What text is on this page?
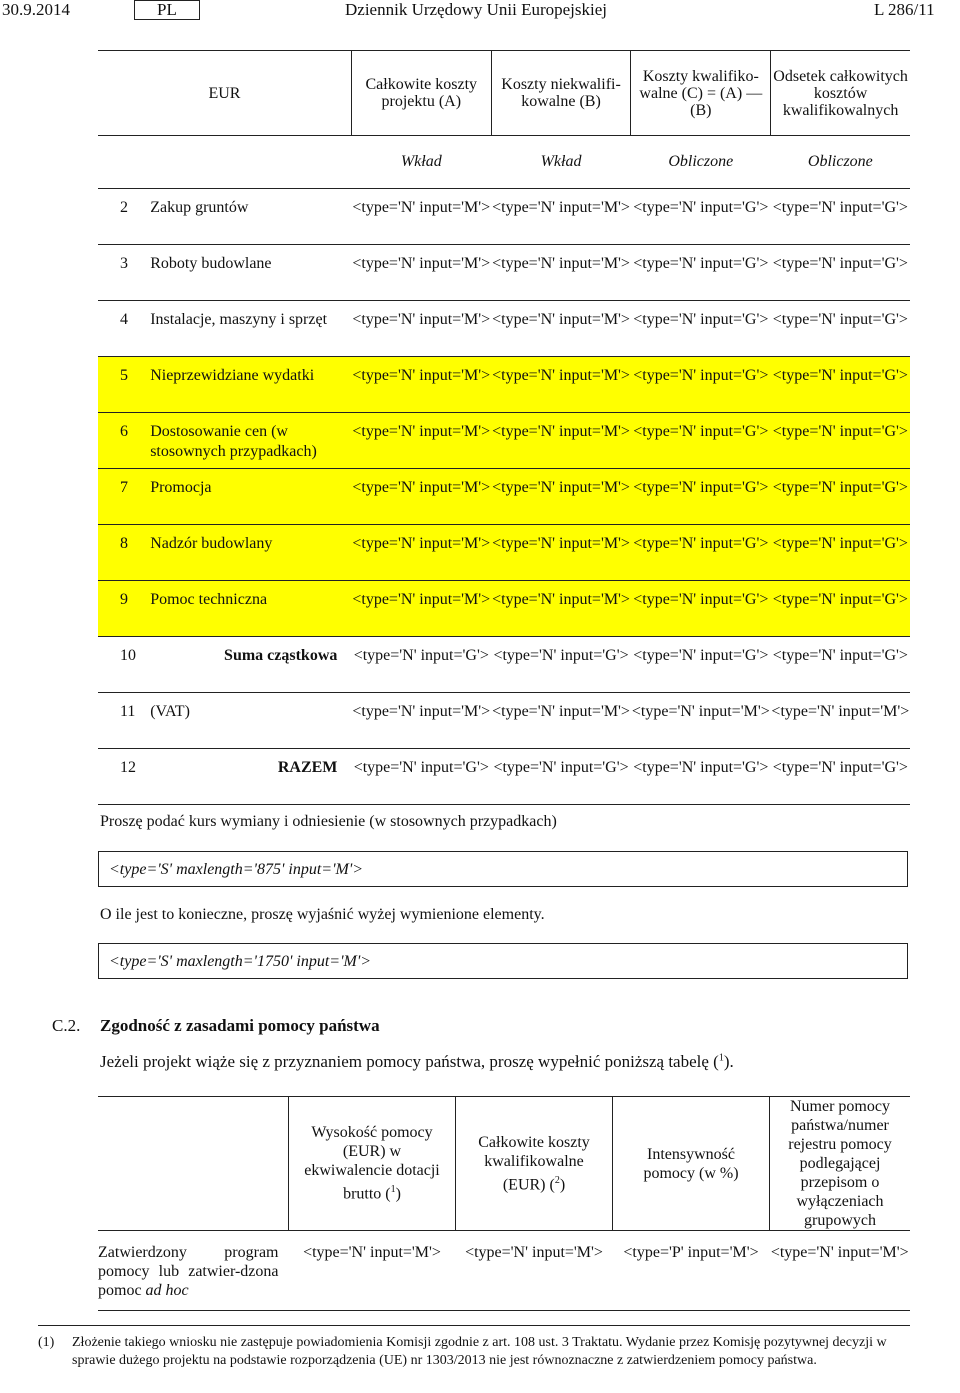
30.9.2014	PL	Dziennik Urzędowy Unii Europejskiej	L 286/11
EUR		Całkowite koszty projektu (A)	Koszty niekwalifi-kowalne (B)	Koszty kwalifiko-walne (C) = (A) — (B)	Odsetek całkowitych kosztów kwalifikowalnych
		Wkład	Wkład	Obliczone	Obliczone
2	Zakup gruntów	<type='N' input='M'>	<type='N' input='M'>	<type='N' input='G'>	<type='N' input='G'>
3	Roboty budowlane	<type='N' input='M'>	<type='N' input='M'>	<type='N' input='G'>	<type='N' input='G'>
4	Instalacje, maszyny i sprzęt	<type='N' input='M'>	<type='N' input='M'>	<type='N' input='G'>	<type='N' input='G'>
5	Nieprzewidziane wydatki	<type='N' input='M'>	<type='N' input='M'>	<type='N' input='G'>	<type='N' input='G'>
6	Dostosowanie cen (w stosownych przypadkach)	<type='N' input='M'>	<type='N' input='M'>	<type='N' input='G'>	<type='N' input='G'>
7	Promocja	<type='N' input='M'>	<type='N' input='M'>	<type='N' input='G'>	<type='N' input='G'>
8	Nadzór budowlany	<type='N' input='M'>	<type='N' input='M'>	<type='N' input='G'>	<type='N' input='G'>
9	Pomoc techniczna	<type='N' input='M'>	<type='N' input='M'>	<type='N' input='G'>	<type='N' input='G'>
10	Suma cząstkowa	<type='N' input='G'>	<type='N' input='G'>	<type='N' input='G'>	<type='N' input='G'>
11	(VAT)	<type='N' input='M'>	<type='N' input='M'>	<type='N' input='M'>	<type='N' input='M'>
12	RAZEM	<type='N' input='G'>	<type='N' input='G'>	<type='N' input='G'>	<type='N' input='G'>
Proszę podać kurs wymiany i odniesienie (w stosownych przypadkach)
<type='S' maxlength='875' input='M'>
O ile jest to konieczne, proszę wyjaśnić wyżej wymienione elementy.
<type='S' maxlength='1750' input='M'>
C.2. Zgodność z zasadami pomocy państwa
Jeżeli projekt wiąże się z przyznaniem pomocy państwa, proszę wypełnić poniższą tabelę ($^1$).
	Wysokość pomocy (EUR) w ekwiwalencie dotacji brutto ($^1$)	Całkowite koszty kwalifikowalne (EUR) ($^2$)	Intensywność pomocy (w %)	Numer pomocy państwa/numer rejestru pomocy podlegającej przepisom o wyłączeniach grupowych
Zatwierdzony program pomocy lub zatwier-dzona pomoc ad hoc	<type='N' input='M'>	<type='N' input='M'>	<type='P' input='M'>	<type='N' input='M'>
(1)	Złożenie takiego wniosku nie zastępuje powiadomienia Komisji zgodnie z art. 108 ust. 3 Traktatu. Wydanie przez Komisję pozytywnej decyzji w sprawie dużego projektu na podstawie rozporządzenia (UE) nr 1303/2013 nie jest równoznaczne z zatwierdzeniem pomocy państwa.
